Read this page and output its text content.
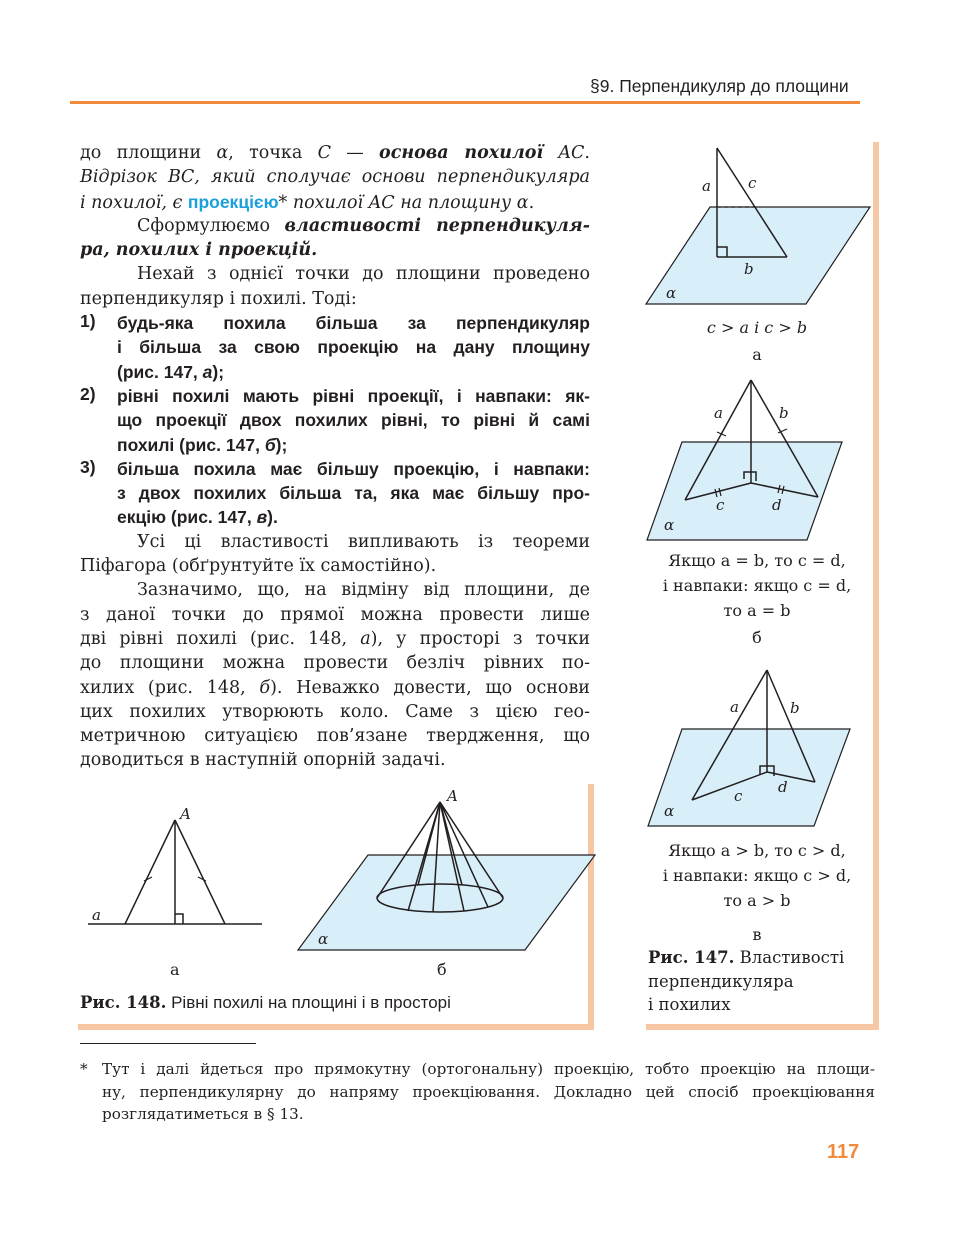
§9. Перпендикуляр до площини
до площини α, точка C — основа похилої AC.
Відрізок ВС, який сполучає основи перпендикуляра
і похилої, є проекцією* похилої AC на площину α.
Сформулюємо властивості перпендикуля-
ра, похилих і проекцій.
Нехай з однієї точки до площини проведено
перпендикуляр і похилі. Тоді:
1)	будь-яка похила більша за перпендикуляр
і більша за свою проекцію на дану площину
(рис. 147, а);
2)	рівні похилі мають рівні проекції, і навпаки: як-
що проекції двох похилих рівні, то рівні й самі
похилі (рис. 147, б);
3)	більша похила має більшу проекцію, і навпаки:
з двох похилих більша та, яка має більшу про-
екцію (рис. 147, в).
Усі ці властивості випливають із теореми
Піфагора (обґрунтуйте їх самостійно).
Зазначимо, що, на відміну від площини, де
з даної точки до прямої можна провести лише
дві рівні похилі (рис. 148, а), у просторі з точки
до площини можна провести безліч рівних по-
хилих (рис. 148, б). Неважко довести, що основи
цих похилих утворюють коло. Саме з цією гео-
метричною ситуацією пов’язане твердження, що
доводиться в наступній опорній задачі.
A
a
A
α
a c
b
α
a	b
c	d
α
a	b
c d
α
а	б
Рис. 148. Рівні похилі на площині і в просторі
c > a і c > b
а
Якщо a = b, то c = d,
і навпаки: якщо c = d,
то a = b
б
Якщо a > b, то c > d,
і навпаки: якщо c > d,
то a > b
в
Рис. 147. Властивості
перпендикуляра
і похилих
* Тут і далі йдеться про прямокутну (ортогональну) проекцію, тобто проекцію на площи-
ну, перпендикулярну до напряму проекціювання. Докладно цей спосіб проекціювання
розглядатиметься в § 13.
117
